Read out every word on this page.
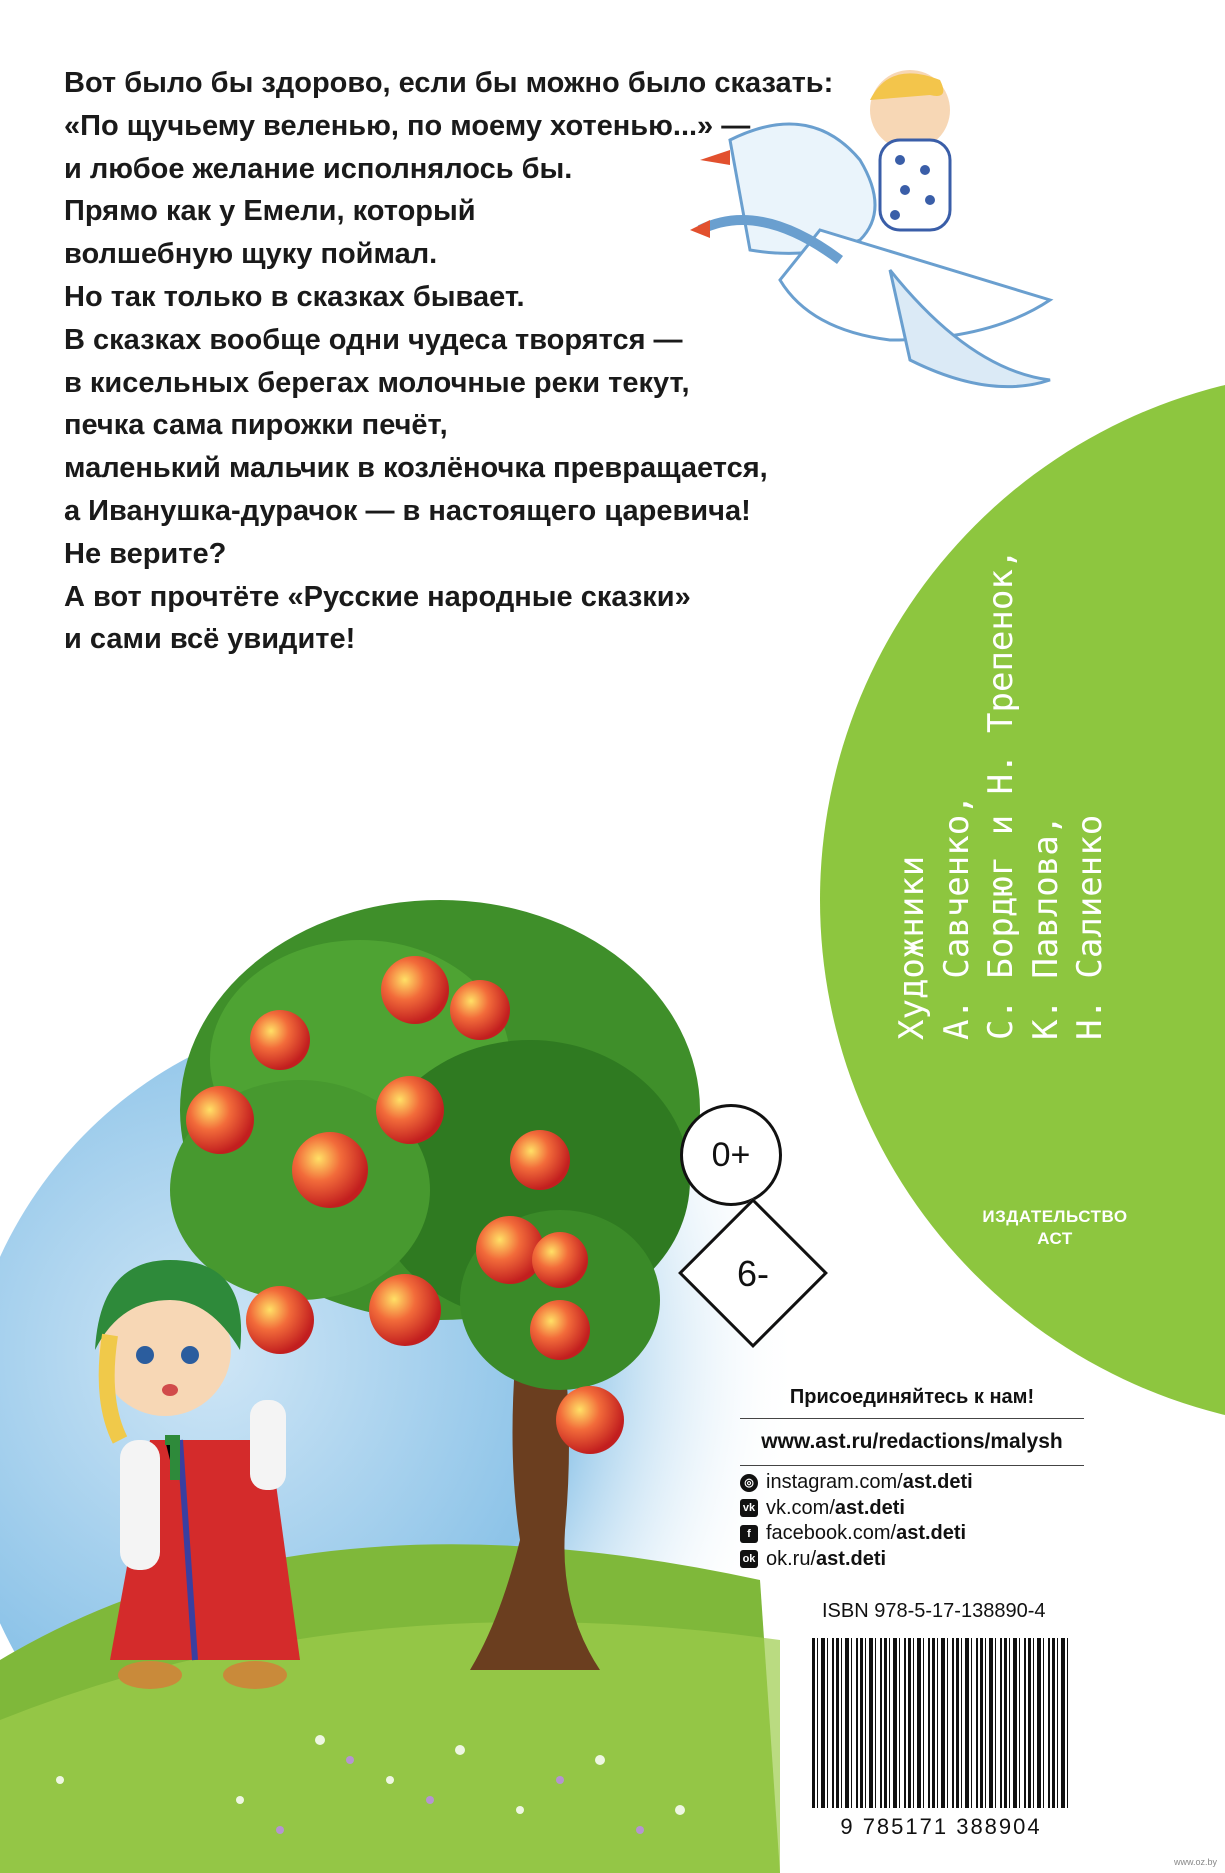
Вот было бы здорово, если бы можно было сказать:

«По щучьему веленью, по моему хотенью...» —

и любое желание исполнялось бы.

Прямо как у Емели, который

волшебную щуку поймал.

Но так только в сказках бывает.

В сказках вообще одни чудеса творятся —

в кисельных берегах молочные реки текут,

печка сама пирожки печёт,

маленький мальчик в козлёночка превращается,

а Иванушка-дурачок — в настоящего царевича!

Не верите?

А вот прочтёте «Русские народные сказки»

и сами всё увидите!

Художники А. Савченко, С. Бордюг и Н. Трепенок, К. Павлова, Н. Салиенко
ИЗДАТЕЛЬСТВО
АСТ
0+
6-
Присоединяйтесь к нам!
www.ast.ru/redactions/malysh
◎ instagram.com/ ast.deti
vk vk.com/ ast.deti
f facebook.com/ ast.deti
ok ok.ru/ ast.deti
ISBN 978-5-17-138890-4
9 785171 388904
www.oz.by
